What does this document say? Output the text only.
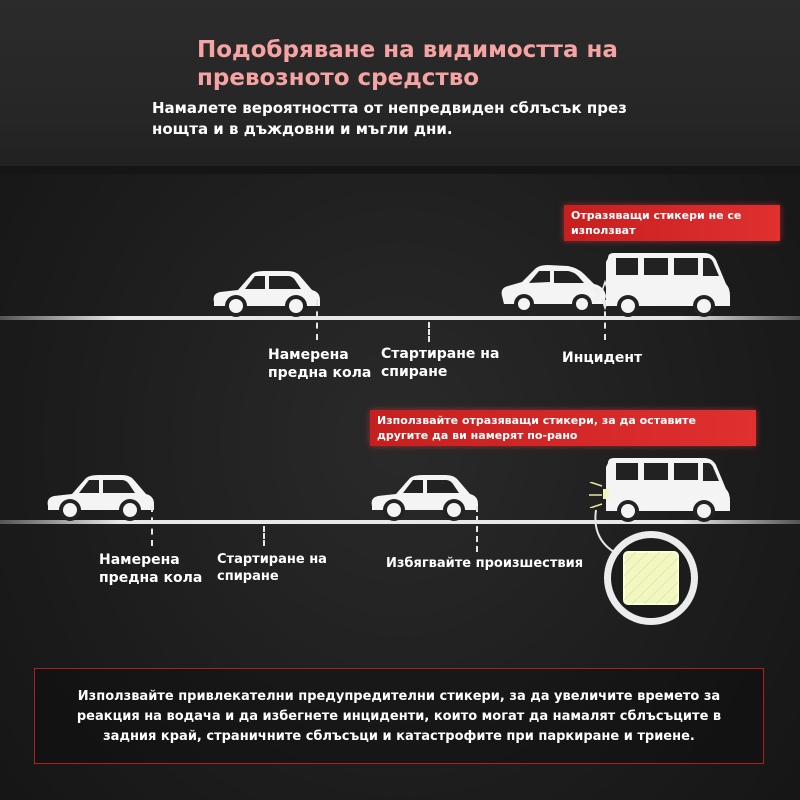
Подобряване на видимостта на
превозното средство
Намалете вероятността от непредвиден сблъсък през
нощта и в дъждовни и мъгли дни.
Отразяващи стикери не се
използват
Намерена
предна кола
Стартиране на
спиране
Инцидент
Използвайте отразяващи стикери, за да оставите
другите да ви намерят по-рано
Намерена
предна кола
Стартиране на
спиране
Избягвайте произшествия
Използвайте привлекателни предупредителни стикери, за да увеличите времето за
реакция на водача и да избегнете инциденти, които могат да намалят сблъсъците в
задния край, страничните сблъсъци и катастрофите при паркиране и триене.
